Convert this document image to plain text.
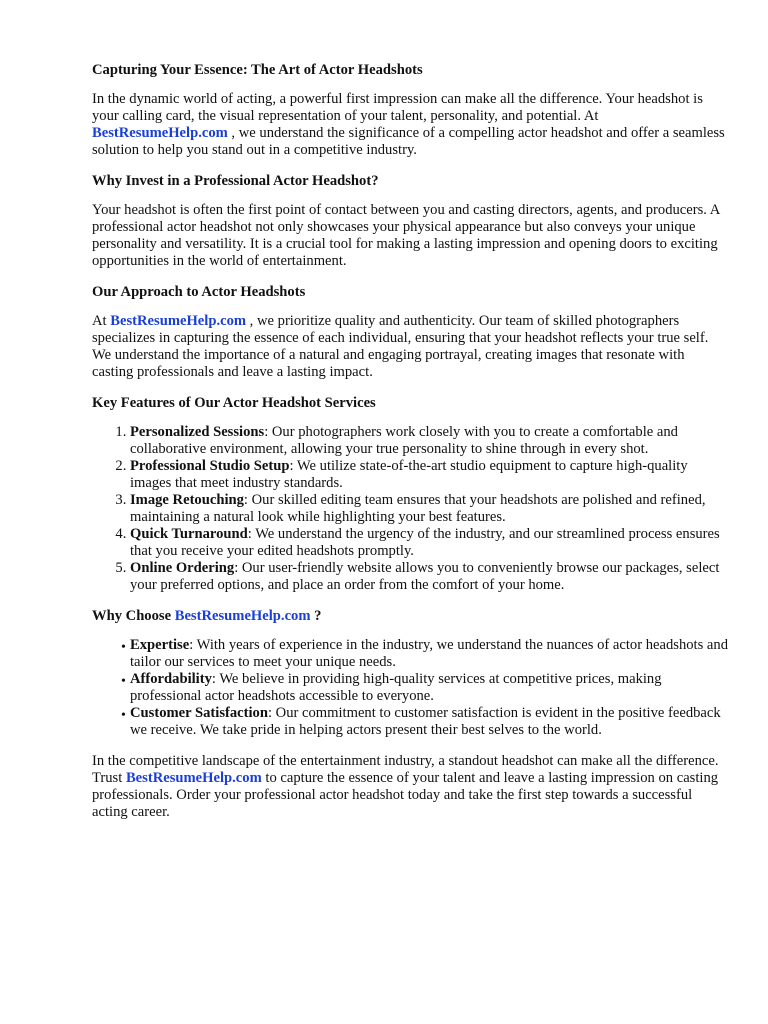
Capturing Your Essence: The Art of Actor Headshots

In the dynamic world of acting, a powerful first impression can make all the difference. Your headshot is your calling card, the visual representation of your talent, personality, and potential. At BestResumeHelp.com , we understand the significance of a compelling actor headshot and offer a seamless solution to help you stand out in a competitive industry.

Why Invest in a Professional Actor Headshot?

Your headshot is often the first point of contact between you and casting directors, agents, and producers. A professional actor headshot not only showcases your physical appearance but also conveys your unique personality and versatility. It is a crucial tool for making a lasting impression and opening doors to exciting opportunities in the world of entertainment.

Our Approach to Actor Headshots

At BestResumeHelp.com , we prioritize quality and authenticity. Our team of skilled photographers specializes in capturing the essence of each individual, ensuring that your headshot reflects your true self. We understand the importance of a natural and engaging portrayal, creating images that resonate with casting professionals and leave a lasting impact.

Key Features of Our Actor Headshot Services
1. Personalized Sessions: Our photographers work closely with you to create a comfortable and collaborative environment, allowing your true personality to shine through in every shot.
2. Professional Studio Setup: We utilize state-of-the-art studio equipment to capture high-quality images that meet industry standards.
3. Image Retouching: Our skilled editing team ensures that your headshots are polished and refined, maintaining a natural look while highlighting your best features.
4. Quick Turnaround: We understand the urgency of the industry, and our streamlined process ensures that you receive your edited headshots promptly.
5. Online Ordering: Our user-friendly website allows you to conveniently browse our packages, select your preferred options, and place an order from the comfort of your home.
Why Choose BestResumeHelp.com ?
• Expertise: With years of experience in the industry, we understand the nuances of actor headshots and tailor our services to meet your unique needs.
• Affordability: We believe in providing high-quality services at competitive prices, making professional actor headshots accessible to everyone.
• Customer Satisfaction: Our commitment to customer satisfaction is evident in the positive feedback we receive. We take pride in helping actors present their best selves to the world.

In the competitive landscape of the entertainment industry, a standout headshot can make all the difference. Trust BestResumeHelp.com to capture the essence of your talent and leave a lasting impression on casting professionals. Order your professional actor headshot today and take the first step towards a successful acting career.
